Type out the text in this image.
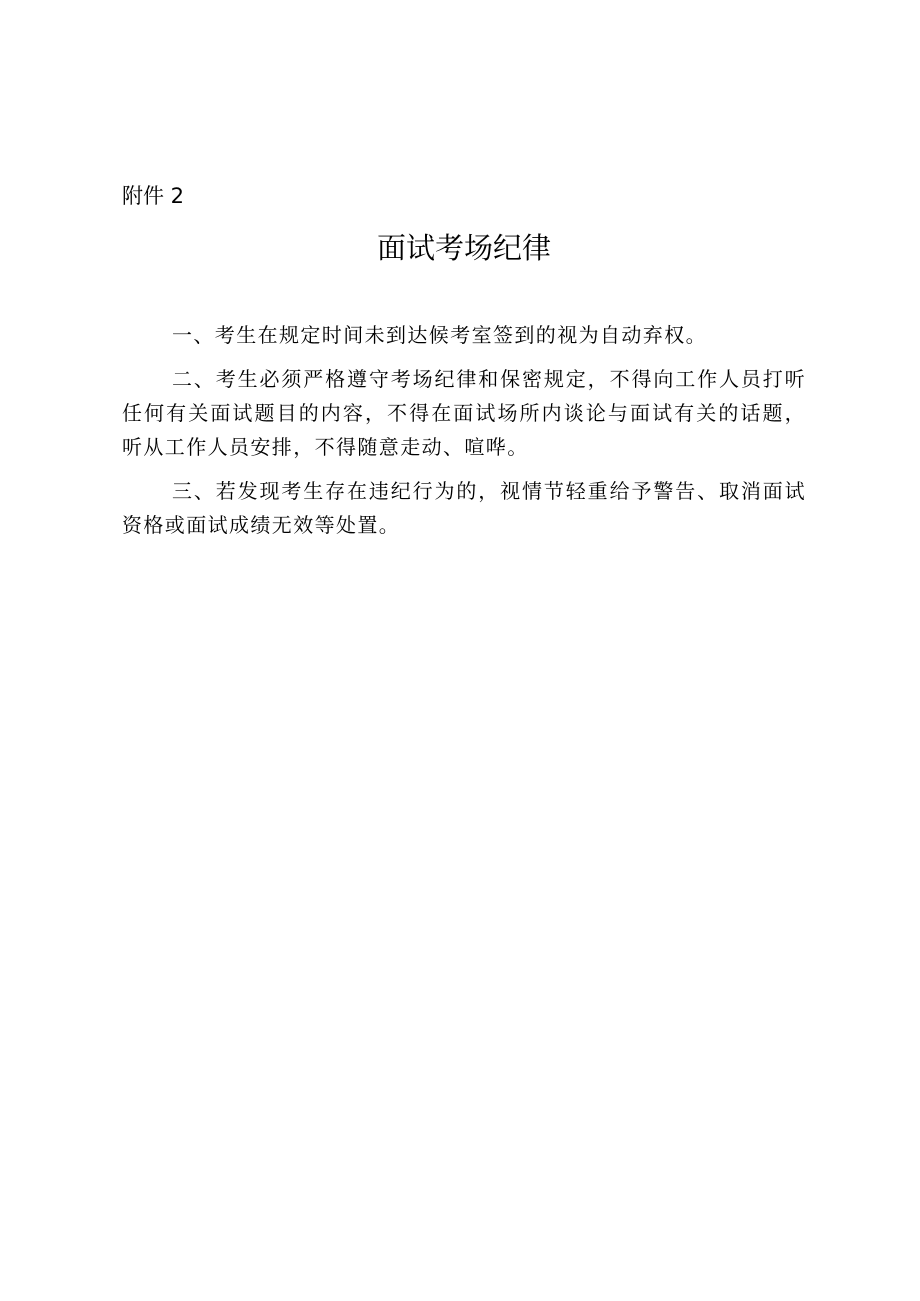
附件 2
面试考场纪律

一、考生在规定时间未到达候考室签到的视为自动弃权。

二、考生必须严格遵守考场纪律和保密规定，不得向工作人员打听任何有关面试题目的内容，不得在面试场所内谈论与面试有关的话题，听从工作人员安排，不得随意走动、喧哗。

三、若发现考生存在违纪行为的，视情节轻重给予警告、取消面试资格或面试成绩无效等处置。
